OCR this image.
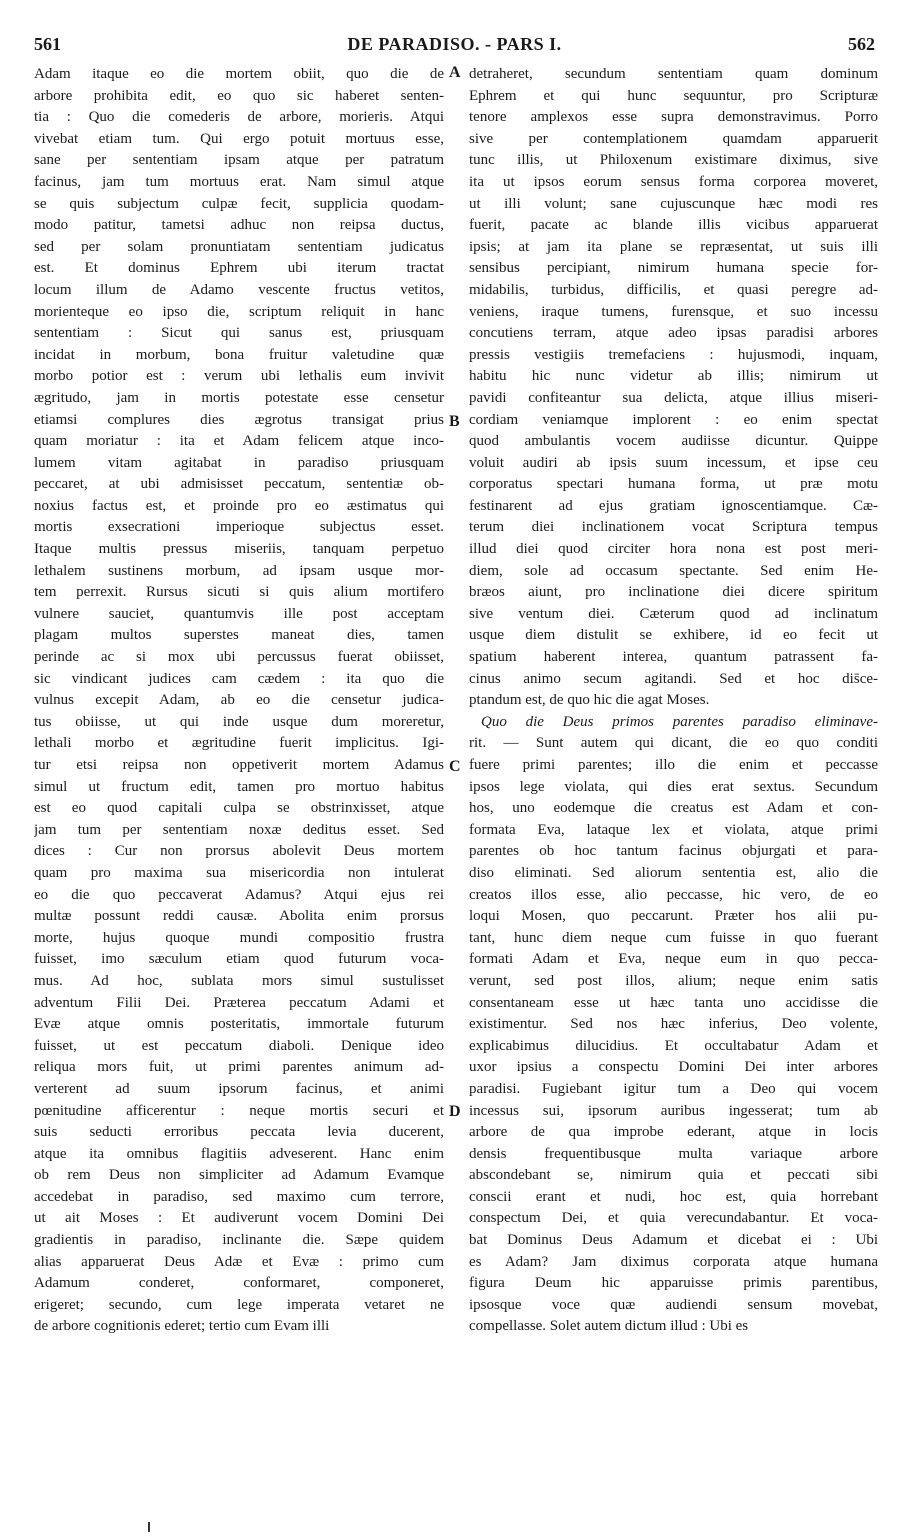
561	DE PARADISO. - PARS I.	562
Adam itaque eo die mortem obiit, quo die de
arbore prohibita edit, eo quo sic haberet senten-
tia : Quo die comederis de arbore, morieris. Atqui
vivebat etiam tum. Qui ergo potuit mortuus esse,
sane per sententiam ipsam atque per patratum
facinus, jam tum mortuus erat. Nam simul atque
se quis subjectum culpæ fecit, supplicia quodam-
modo patitur, tametsi adhuc non reipsa ductus,
sed per solam pronuntiatam sententiam judicatus
est. Et dominus Ephrem ubi iterum tractat
locum illum de Adamo vescente fructus vetitos,
morienteque eo ipso die, scriptum reliquit in hanc
sententiam : Sicut qui sanus est, priusquam
incidat in morbum, bona fruitur valetudine quæ
morbo potior est : verum ubi lethalis eum invivit
ægritudo, jam in mortis potestate esse censetur
etiamsi complures dies ægrotus transigat prius
quam moriatur : ita et Adam felicem atque inco-
lumem vitam agitabat in paradiso priusquam
peccaret, at ubi admisisset peccatum, sententiæ ob-
noxius factus est, et proinde pro eo æstimatus qui
mortis exsecrationi imperioque subjectus esset.
Itaque multis pressus miseriis, tanquam perpetuo
lethalem sustinens morbum, ad ipsam usque mor-
tem perrexit. Rursus sicuti si quis alium mortifero
vulnere sauciet, quantumvis ille post acceptam
plagam multos superstes maneat dies, tamen
perinde ac si mox ubi percussus fuerat obiisset,
sic vindicant judices cam cædem : ita quo die
vulnus excepit Adam, ab eo die censetur judica-
tus obiisse, ut qui inde usque dum moreretur,
lethali morbo et ægritudine fuerit implicitus. Igi-
tur etsi reipsa non oppetiverit mortem Adamus
simul ut fructum edit, tamen pro mortuo habitus
est eo quod capitali culpa se obstrinxisset, atque
jam tum per sententiam noxæ deditus esset. Sed
dices : Cur non prorsus abolevit Deus mortem
quam pro maxima sua misericordia non intulerat
eo die quo peccaverat Adamus? Atqui ejus rei
multæ possunt reddi causæ. Abolita enim prorsus
morte, hujus quoque mundi compositio frustra
fuisset, imo sæculum etiam quod futurum voca-
mus. Ad hoc, sublata mors simul sustulisset
adventum Filii Dei. Præterea peccatum Adami et
Evæ atque omnis posteritatis, immortale futurum
fuisset, ut est peccatum diaboli. Denique ideo
reliqua mors fuit, ut primi parentes animum ad-
verterent ad suum ipsorum facinus, et animi
pœnitudine afficerentur : neque mortis securi et
suis seducti erroribus peccata levia ducerent,
atque ita omnibus flagitiis adveserent. Hanc enim
ob rem Deus non simpliciter ad Adamum Evamque
accedebat in paradiso, sed maximo cum terrore,
ut ait Moses : Et audiverunt vocem Domini Dei
gradientis in paradiso, inclinante die. Sæpe quidem
alias apparuerat Deus Adæ et Evæ : primo cum
Adamum conderet, conformaret, componeret,
erigeret; secundo, cum lege imperata vetaret ne
de arbore cognitionis ederet; tertio cum Evam illi
detraheret, secundum sententiam quam dominum
Ephrem et qui hunc sequuntur, pro Scripturæ
tenore amplexos esse supra demonstravimus. Porro
sive per contemplationem quamdam apparuerit
tunc illis, ut Philoxenum existimare diximus, sive
ita ut ipsos eorum sensus forma corporea moveret,
ut illi volunt; sane cujuscunque hæc modi res
fuerit, pacate ac blande illis vicibus apparuerat
ipsis; at jam ita plane se repræsentat, ut suis illi
sensibus percipiant, nimirum humana specie for-
midabilis, turbidus, difficilis, et quasi peregre ad-
veniens, iraque tumens, furensque, et suo incessu
concutiens terram, atque adeo ipsas paradisi arbores
pressis vestigiis tremefaciens : hujusmodi, inquam,
habitu hic nunc videtur ab illis; nimirum ut
pavidi confiteantur sua delicta, atque illius miseri-
cordiam veniamque implorent : eo enim spectat
quod ambulantis vocem audiisse dicuntur. Quippe
voluit audiri ab ipsis suum incessum, et ipse ceu
corporatus spectari humana forma, ut præ motu
festinarent ad ejus gratiam ignoscentiamque. Cæ-
terum diei inclinationem vocat Scriptura tempus
illud diei quod circiter hora nona est post meri-
diem, sole ad occasum spectante. Sed enim He-
bræos aiunt, pro inclinatione diei dicere spiritum
sive ventum diei. Cæterum quod ad inclinatum
usque diem distulit se exhibere, id eo fecit ut
spatium haberent interea, quantum patrassent fa-
cinus animo secum agitandi. Sed et hoc dis̄ce-
ptandum est, de quo hic die agat Moses.
Quo die Deus primos parentes paradiso eliminave-
rit. — Sunt autem qui dicant, die eo quo conditi
fuere primi parentes; illo die enim et peccasse
ipsos lege violata, qui dies erat sextus. Secundum
hos, uno eodemque die creatus est Adam et con-
formata Eva, lataque lex et violata, atque primi
parentes ob hoc tantum facinus objurgati et para-
diso eliminati. Sed aliorum sententia est, alio die
creatos illos esse, alio peccasse, hic vero, de eo
loqui Mosen, quo peccarunt. Præter hos alii pu-
tant, hunc diem neque cum fuisse in quo fuerant
formati Adam et Eva, neque eum in quo pecca-
verunt, sed post illos, alium; neque enim satis
consentaneam esse ut hæc tanta uno accidisse die
existimentur. Sed nos hæc inferius, Deo volente,
explicabimus dilucidius. Et occultabatur Adam et
uxor ipsius a conspectu Domini Dei inter arbores
paradisi. Fugiebant igitur tum a Deo qui vocem
incessus sui, ipsorum auribus ingesserat; tum ab
arbore de qua improbe ederant, atque in locis
densis frequentibusque multa variaque arbore
abscondebant se, nimirum quia et peccati sibi
conscii erant et nudi, hoc est, quia horrebant
conspectum Dei, et quia verecundabantur. Et voca-
bat Dominus Deus Adamum et dicebat ei : Ubi
es Adam? Jam diximus corporata atque humana
figura Deum hic apparuisse primis parentibus,
ipsosque voce quæ audiendi sensum movebat,
compellasse. Solet autem dictum illud : Ubi es
A
B
C
D
